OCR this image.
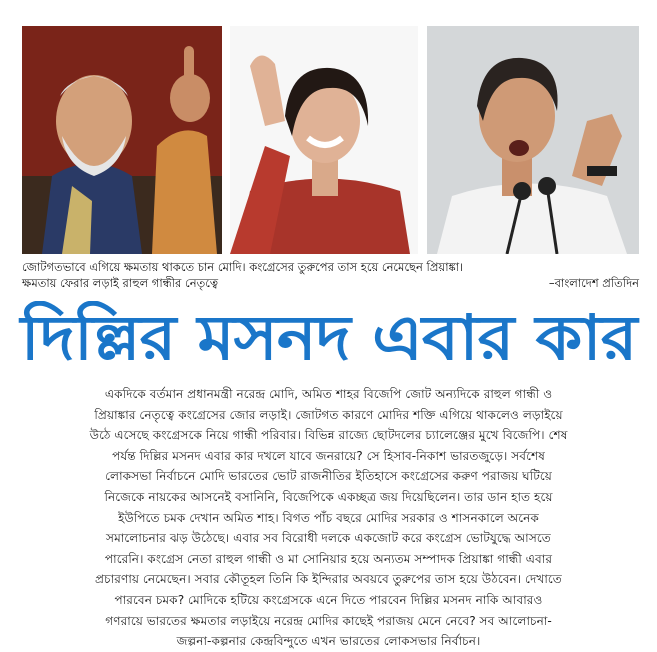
জোটগতভাবে এগিয়ে ক্ষমতায় থাকতে চান মোদি। কংগ্রেসের তুরুপের তাস হয়ে নেমেছেন প্রিয়াঙ্কা।
ক্ষমতায় ফেরার লড়াই রাহুল গান্ধীর নেতৃত্বে	–বাংলাদেশ প্রতিদিন
দিল্লির মসনদ এবার কার
একদিকে বর্তমান প্রধানমন্ত্রী নরেন্দ্র মোদি, অমিত শাহর বিজেপি জোট অন্যদিকে রাহুল গান্ধী ও
প্রিয়াঙ্কার নেতৃত্বে কংগ্রেসের জোর লড়াই। জোটগত কারণে মোদির শক্তি এগিয়ে থাকলেও লড়াইয়ে
উঠে এসেছে কংগ্রেসকে নিয়ে গান্ধী পরিবার। বিভিন্ন রাজ্যে ছোটদলের চ্যালেঞ্জের মুখে বিজেপি। শেষ
পর্যন্ত দিল্লির মসনদ এবার কার দখলে যাবে জনরায়ে? সে হিসাব-নিকাশ ভারতজুড়ে। সর্বশেষ
লোকসভা নির্বাচনে মোদি ভারতের ভোট রাজনীতির ইতিহাসে কংগ্রেসের করুণ পরাজয় ঘটিয়ে
নিজেকে নায়কের আসনেই বসানিনি, বিজেপিকে একচ্ছত্র জয় দিয়েছিলেন। তার ডান হাত হয়ে
ইউপিতে চমক দেখান অমিত শাহ। বিগত পাঁচ বছরে মোদির সরকার ও শাসনকালে অনেক
সমালোচনার ঝড় উঠেছে। এবার সব বিরোধী দলকে একজোট করে কংগ্রেস ভোটযুদ্ধে আসতে
পারেনি। কংগ্রেস নেতা রাহুল গান্ধী ও মা সোনিয়ার হয়ে অন্যতম সম্পাদক প্রিয়াঙ্কা গান্ধী এবার
প্রচারণায় নেমেছেন। সবার কৌতূহল তিনি কি ইন্দিরার অবয়বে তুরুপের তাস হয়ে উঠবেন। দেখাতে
পারবেন চমক? মোদিকে হটিয়ে কংগ্রেসকে এনে দিতে পারবেন দিল্লির মসনদ নাকি আবারও
গণরায়ে ভারতের ক্ষমতার লড়াইয়ে নরেন্দ্র মোদির কাছেই পরাজয় মেনে নেবে? সব আলোচনা-
জল্পনা-কল্পনার কেন্দ্রবিন্দুতে এখন ভারতের লোকসভার নির্বাচন।
